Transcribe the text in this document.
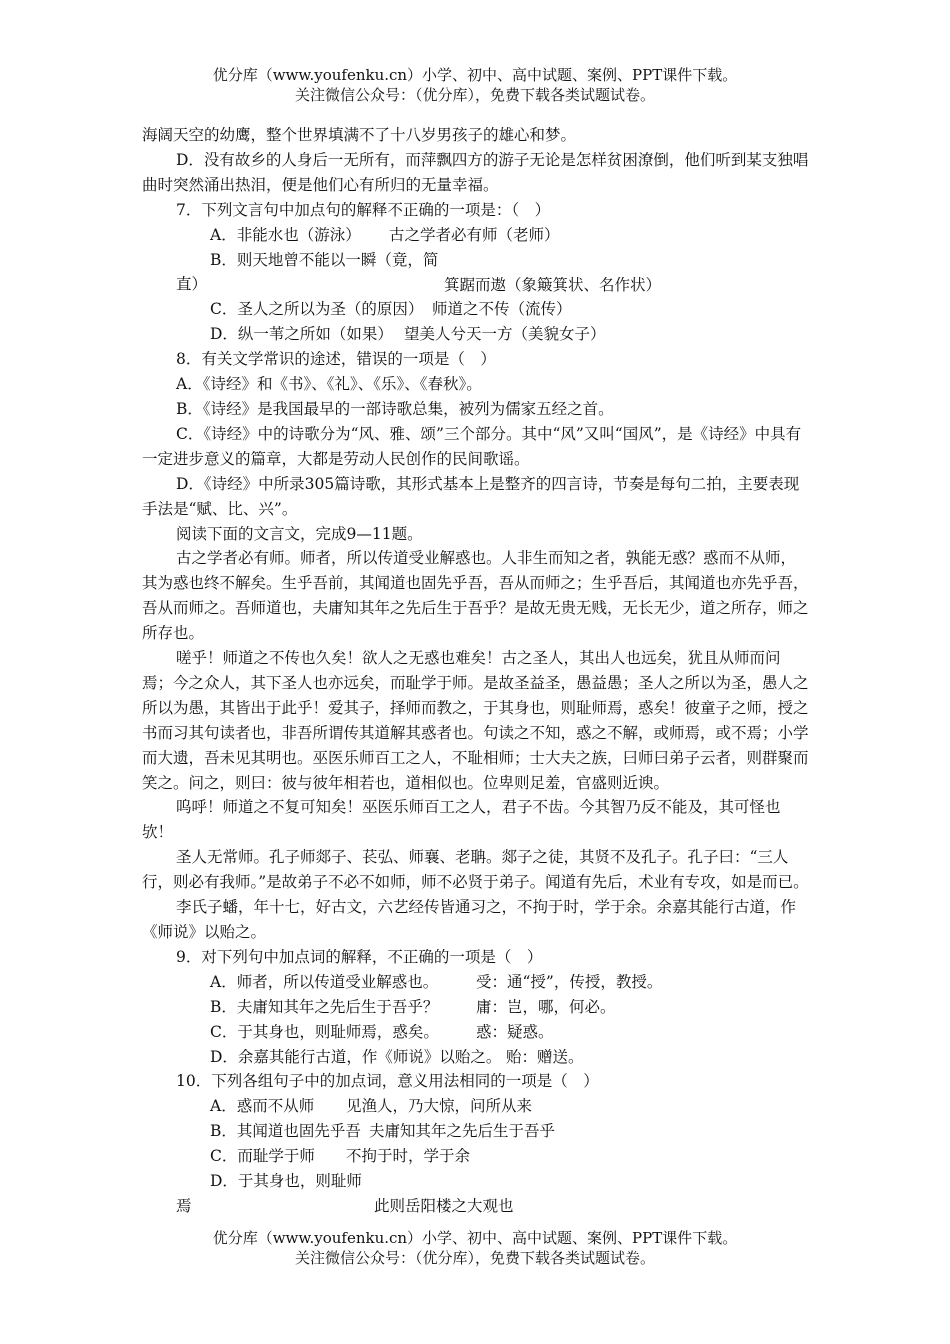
优分库（www.youfenku.cn）小学、初中、高中试题、案例、PPT课件下载。
关注微信公众号：（优分库），免费下载各类试题试卷。

海阔天空的幼鹰，整个世界填满不了十八岁男孩子的雄心和梦。

D．没有故乡的人身后一无所有，而萍飘四方的游子无论是怎样贫困潦倒，他们听到某支独唱曲时突然涌出热泪，便是他们心有所归的无量幸福。

7．下列文言句中加点句的解释不正确的一项是：（　）

A．非能水也（游泳） 古之学者必有师（老师）

B．则天地曾不能以一瞬（竟，简直）	箕踞而遨（象簸箕状、名作状）

C．圣人之所以为圣（的原因） 师道之不传（流传）

D．纵一苇之所如（如果） 望美人兮天一方（美貌女子）

8．有关文学常识的途述，错误的一项是（　）

A．《诗经》和《书》、《礼》、《乐》、《春秋》。

B．《诗经》是我国最早的一部诗歌总集，被列为儒家五经之首。

C．《诗经》中的诗歌分为“风、雅、颂”三个部分。其中“风”又叫“国风”，是《诗经》中具有一定进步意义的篇章，大都是劳动人民创作的民间歌谣。

D．《诗经》中所录305篇诗歌，其形式基本上是整齐的四言诗，节奏是每句二拍，主要表现手法是“赋、比、兴”。

阅读下面的文言文，完成9—11题。

古之学者必有师。师者，所以传道受业解惑也。人非生而知之者，孰能无惑？惑而不从师，其为惑也终不解矣。生乎吾前，其闻道也固先乎吾，吾从而师之；生乎吾后，其闻道也亦先乎吾，吾从而师之。吾师道也，夫庸知其年之先后生于吾乎？是故无贵无贱，无长无少，道之所存，师之所存也。

嗟乎！师道之不传也久矣！欲人之无惑也难矣！古之圣人，其出人也远矣，犹且从师而问焉；今之众人，其下圣人也亦远矣，而耻学于师。是故圣益圣，愚益愚；圣人之所以为圣，愚人之所以为愚，其皆出于此乎！爱其子，择师而教之，于其身也，则耻师焉，惑矣！彼童子之师，授之书而习其句读者也，非吾所谓传其道解其惑者也。句读之不知，惑之不解，或师焉，或不焉；小学而大遗，吾未见其明也。巫医乐师百工之人，不耻相师；士大夫之族，曰师曰弟子云者，则群聚而笑之。问之，则曰：彼与彼年相若也，道相似也。位卑则足羞，官盛则近谀。

呜呼！师道之不复可知矣！巫医乐师百工之人，君子不齿。今其智乃反不能及，其可怪也欤！

圣人无常师。孔子师郯子、苌弘、师襄、老聃。郯子之徒，其贤不及孔子。孔子曰：“三人行，则必有我师。”是故弟子不必不如师，师不必贤于弟子。闻道有先后，术业有专攻，如是而已。

李氏子蟠，年十七，好古文，六艺经传皆通习之，不拘于时，学于余。余嘉其能行古道，作《师说》以贻之。

9．对下列句中加点词的解释，不正确的一项是（　）

A．师者，所以传道受业解惑也。 受：通“授”，传授，教授。

B．夫庸知其年之先后生于吾乎？ 庸：岂，哪，何必。

C．于其身也，则耻师焉，惑矣。 惑：疑惑。

D．余嘉其能行古道，作《师说》以贻之。 贻：赠送。

10．下列各组句子中的加点词，意义用法相同的一项是（　）

A．惑而不从师 见渔人，乃大惊，问所从来

B．其闻道也固先乎吾 夫庸知其年之先后生于吾乎

C．而耻学于师 不拘于时，学于余

D．于其身也，则耻师焉	此则岳阳楼之大观也

优分库（www.youfenku.cn）小学、初中、高中试题、案例、PPT课件下载。
关注微信公众号：（优分库），免费下载各类试题试卷。
